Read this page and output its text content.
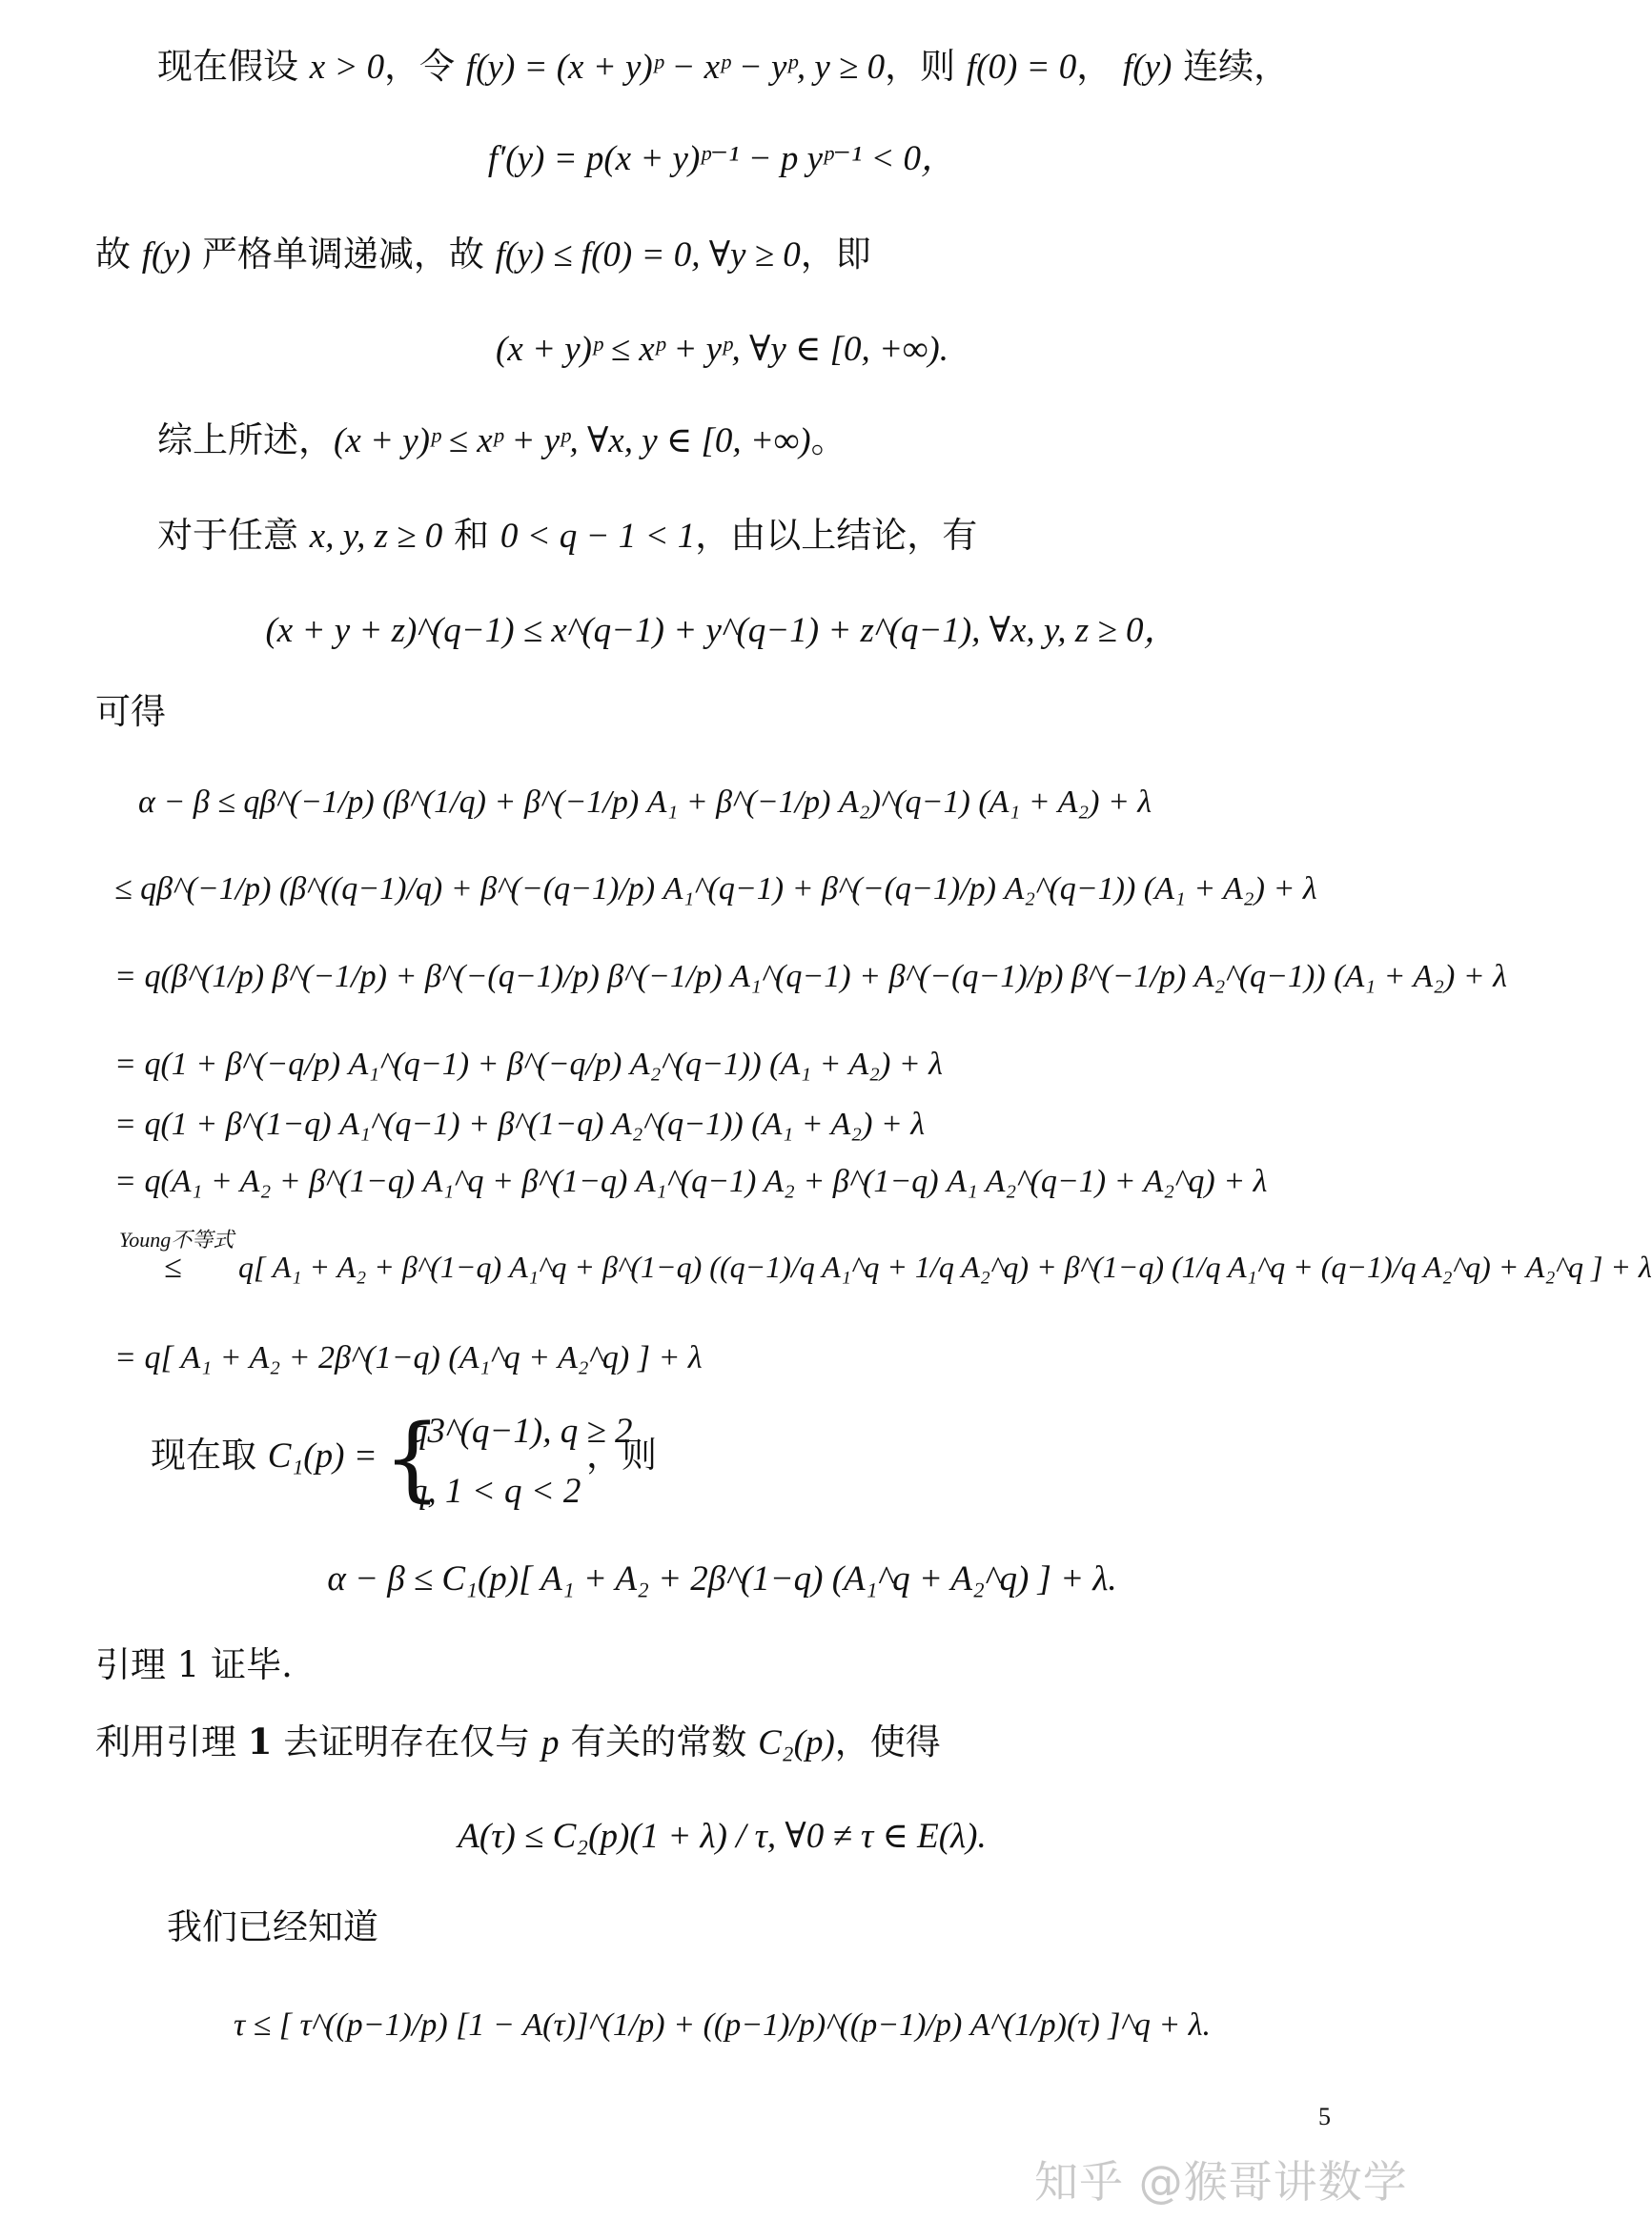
现在假设 x > 0，令 f(y) = (x + y)ᵖ − xᵖ − yᵖ, y ≥ 0，则 f(0) = 0， f(y) 连续，
f′(y) = p(x + y)ᵖ⁻¹ − p yᵖ⁻¹ < 0，
故 f(y) 严格单调递减，故 f(y) ≤ f(0) = 0, ∀y ≥ 0，即
(x + y)ᵖ ≤ xᵖ + yᵖ, ∀y ∈ [0, +∞).
综上所述，(x + y)ᵖ ≤ xᵖ + yᵖ, ∀x, y ∈ [0, +∞)。
对于任意 x, y, z ≥ 0 和 0 < q − 1 < 1，由以上结论，有
(x + y + z)^(q−1) ≤ x^(q−1) + y^(q−1) + z^(q−1), ∀x, y, z ≥ 0，
可得
α − β ≤ qβ^(−1/p) (β^(1/q) + β^(−1/p) A₁ + β^(−1/p) A₂)^(q−1) (A₁ + A₂) + λ
≤ qβ^(−1/p) (β^((q−1)/q) + β^(−(q−1)/p) A₁^(q−1) + β^(−(q−1)/p) A₂^(q−1)) (A₁ + A₂) + λ
= q(β^(1/p) β^(−1/p) + β^(−(q−1)/p) β^(−1/p) A₁^(q−1) + β^(−(q−1)/p) β^(−1/p) A₂^(q−1)) (A₁ + A₂) + λ
= q(1 + β^(−q/p) A₁^(q−1) + β^(−q/p) A₂^(q−1)) (A₁ + A₂) + λ
= q(1 + β^(1−q) A₁^(q−1) + β^(1−q) A₂^(q−1)) (A₁ + A₂) + λ
= q(A₁ + A₂ + β^(1−q) A₁^q + β^(1−q) A₁^(q−1) A₂ + β^(1−q) A₁ A₂^(q−1) + A₂^q) + λ
Young不等式
≤ q[ A₁ + A₂ + β^(1−q) A₁^q + β^(1−q) ((q−1)/q A₁^q + 1/q A₂^q) + β^(1−q) (1/q A₁^q + (q−1)/q A₂^q) + A₂^q ] + λ
= q[ A₁ + A₂ + 2β^(1−q) (A₁^q + A₂^q) ] + λ
现在取 C₁(p) = {
q3^(q−1), q ≥ 2
q, 1 < q < 2
，则
α − β ≤ C₁(p)[ A₁ + A₂ + 2β^(1−q) (A₁^q + A₂^q) ] + λ.
引理 1 证毕.
利用引理 1 去证明存在仅与 p 有关的常数 C₂(p)，使得
A(τ) ≤ C₂(p)(1 + λ) / τ, ∀0 ≠ τ ∈ E(λ).
我们已经知道
τ ≤ [ τ^((p−1)/p) [1 − A(τ)]^(1/p) + ((p−1)/p)^((p−1)/p) A^(1/p)(τ) ]^q + λ.
5
知乎 @猴哥讲数学
